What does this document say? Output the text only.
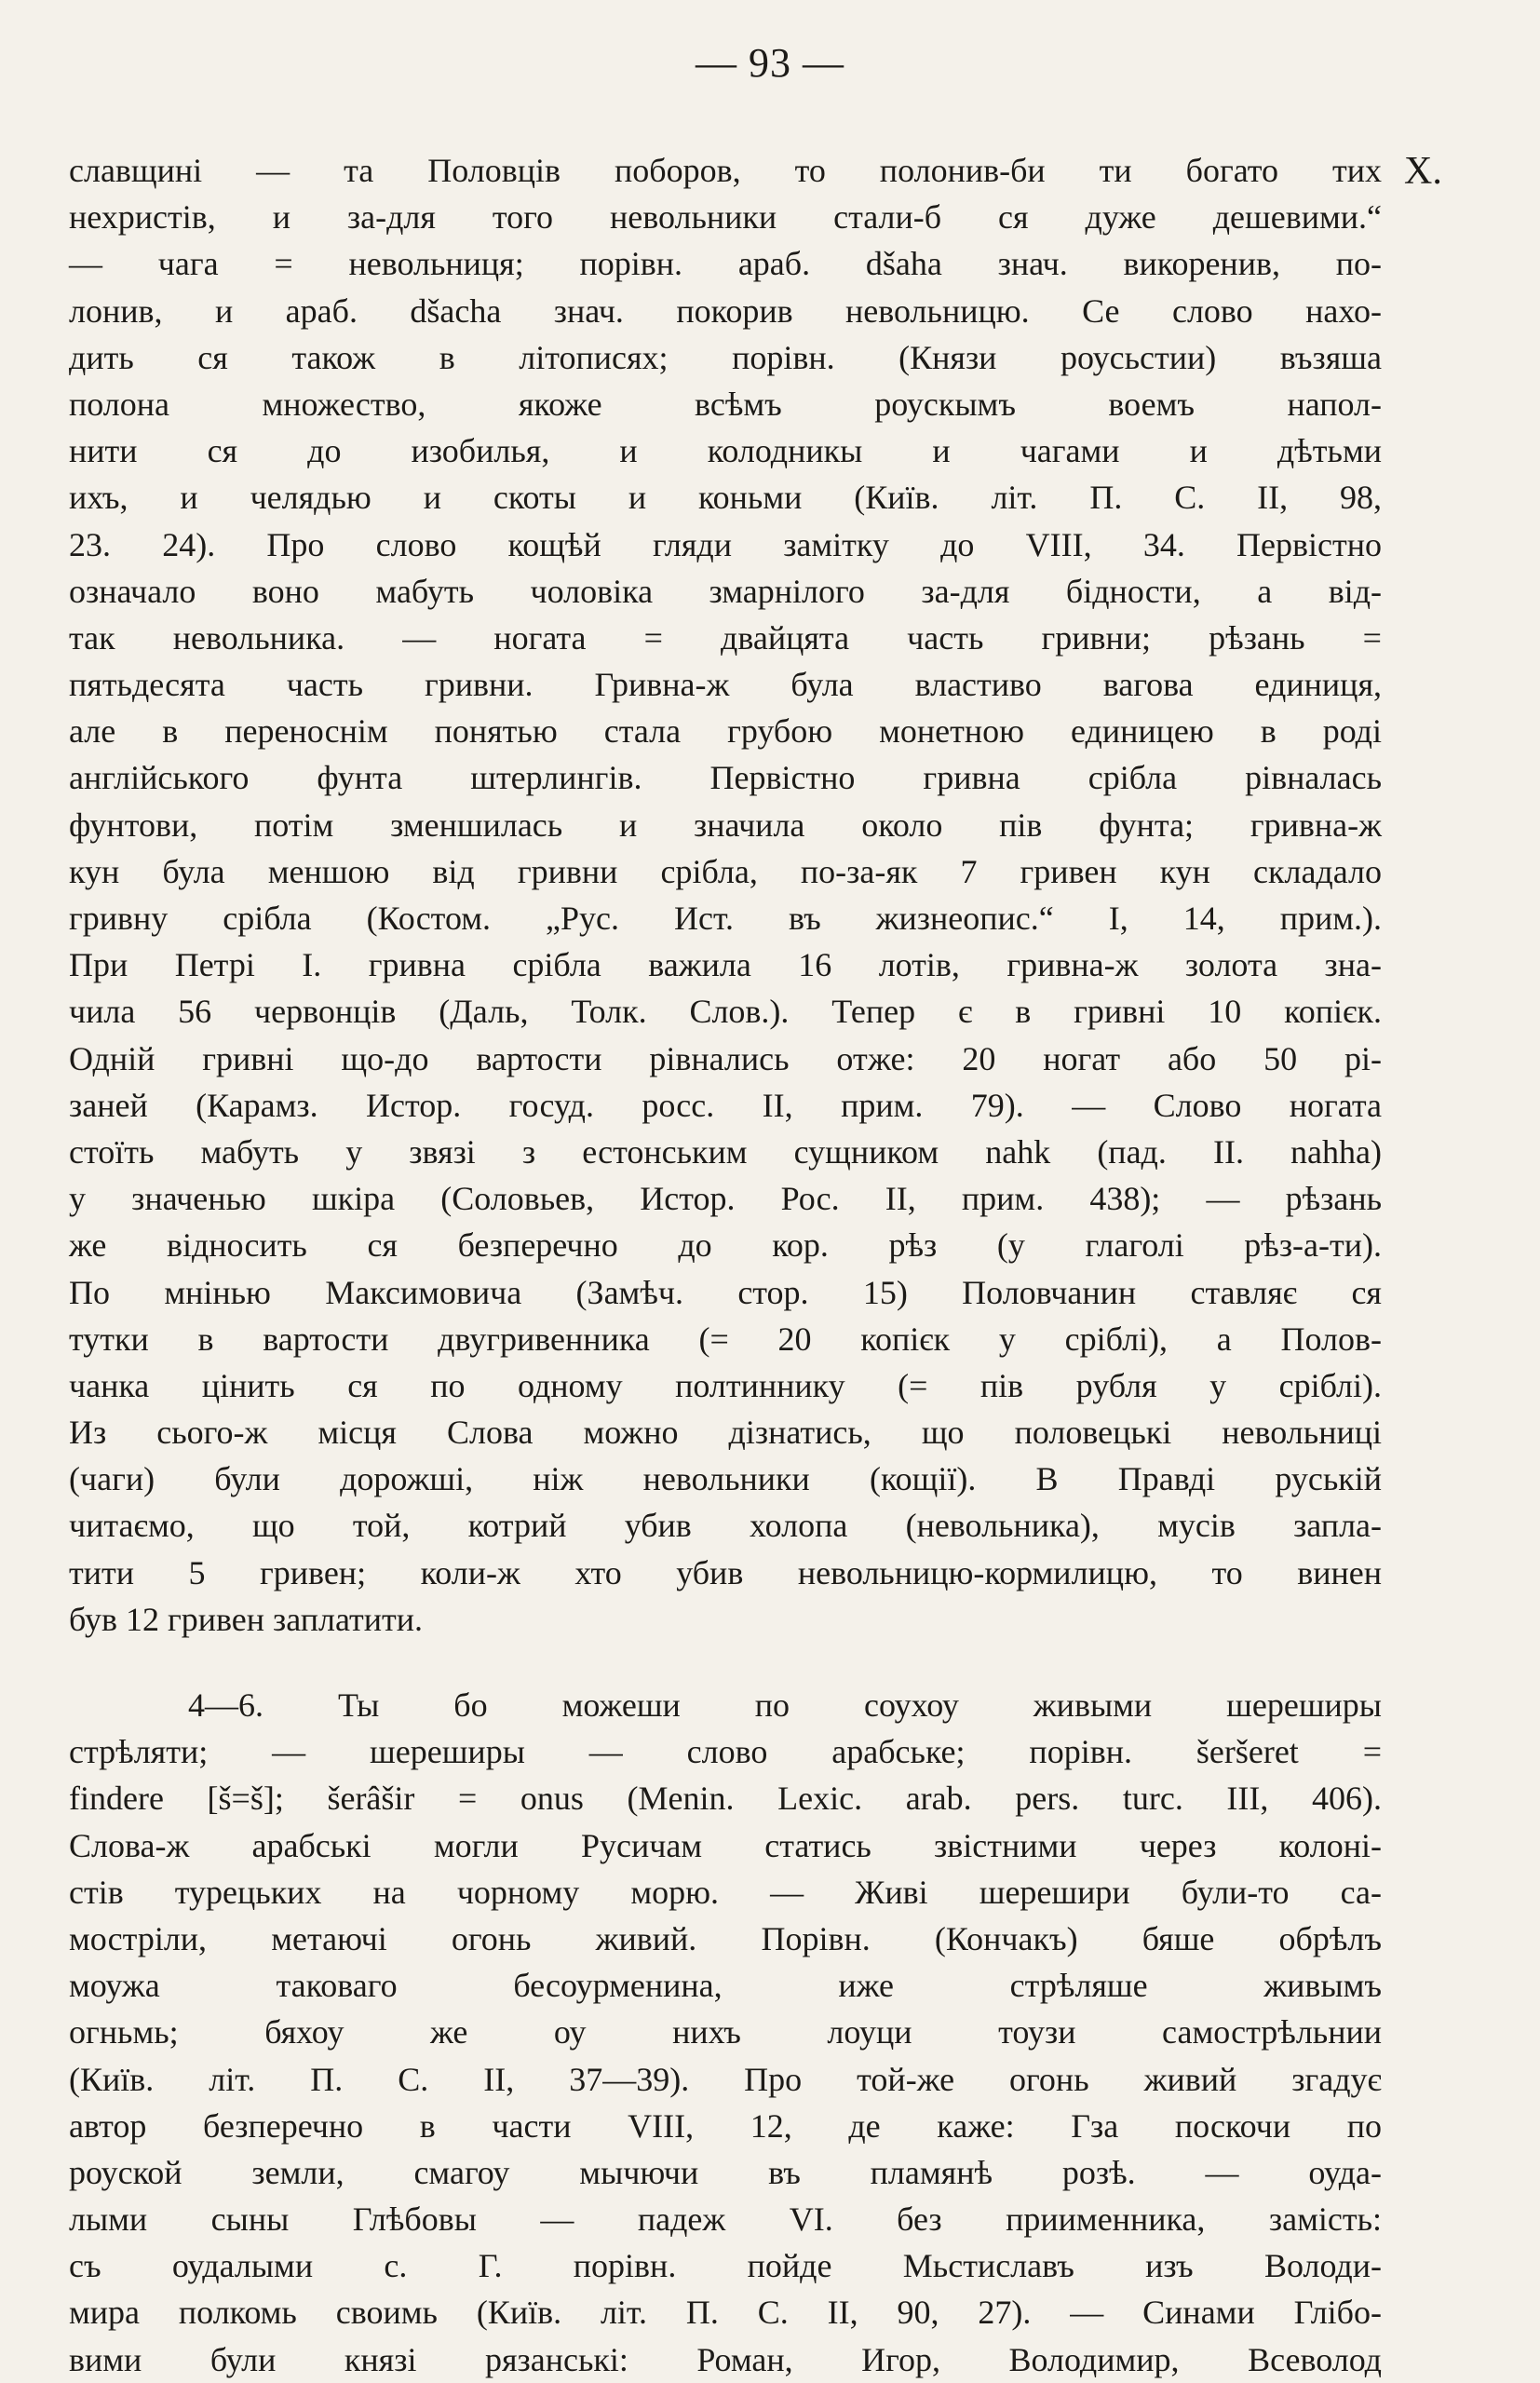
— 93 —
X.
славщині — та Половців поборов, то полонив-би ти богато тих
нехристів, и за-для того невольники стали-б ся дуже дешевими.“
— чага = невольниця; порівн. араб. dšaha знач. викоренив, по-
лонив, и араб. dšacha знач. покорив невольницю. Се слово нахо-
дить ся також в літописях; порівн. (Князи роусьстии) възяша
полона множество, якоже всѣмъ роускымъ воемъ напол-
нити ся до изобилья, и колодникы и чагами и дѣтьми
ихъ, и челядью и скоты и коньми (Київ. літ. П. С. II, 98,
23. 24). Про слово кощѣй гляди замітку до VIII, 34. Первістно
означало воно мабуть чоловіка змарнілого за-для бідности, а від-
так невольника. — ногата = двайцята часть гривни; рѣзань =
пятьдесята часть гривни. Гривна-ж була властиво вагова единиця,
але в переноснім понятью стала грубою монетною единицею в роді
англійського фунта штерлингів. Первістно гривна срібла рівналась
фунтови, потім зменшилась и значила около пів фунта; гривна-ж
кун була меншою від гривни срібла, по-за-як 7 гривен кун складало
гривну срібла (Костом. „Рус. Ист. въ жизнеопис.“ I, 14, прим.).
При Петрі I. гривна срібла важила 16 лотів, гривна-ж золота зна-
чила 56 червонців (Даль, Толк. Слов.). Тепер є в гривні 10 копієк.
Одній гривні що-до вартости рівнались отже: 20 ногат або 50 рі-
заней (Карамз. Истор. госуд. росс. II, прим. 79). — Слово ногата
стоїть мабуть у звязі з естонським сущником nahk (пад. II. nahha)
у значенью шкіра (Соловьев, Истор. Рос. II, прим. 438); — рѣзань
же відносить ся безперечно до кор. рѣз (у глаголі рѣз-а-ти).
По мнінью Максимовича (Замѣч. стор. 15) Половчанин ставляє ся
тутки в вартости двугривенника (= 20 копієк у сріблі), а Полов-
чанка цінить ся по одному полтиннику (= пів рубля у сріблі).
Из сього-ж місця Слова можно дізнатись, що половецькі невольниці
(чаги) були дорожші, ніж невольники (кощії). В Правді руській
читаємо, що той, котрий убив холопа (невольника), мусів запла-
тити 5 гривен; коли-ж хто убив невольницю-кормилицю, то винен
був 12 гривен заплатити.
4—6. Ты бо можеши по соухоу живыми шереширы
стрѣляти; — шереширы — слово арабське; порівн. šeršeret =
findere [š=š]; šerâšir = onus (Menin. Lexic. arab. pers. turc. III, 406).
Слова-ж арабські могли Русичам статись звістними через колоні-
стів турецьких на чорному морю. — Живі шерешири були-то са-
мостріли, метаючі огонь живий. Порівн. (Кончакъ) бяше обрѣлъ
моужа таковаго бесоурменина, иже стрѣляше живымъ
огньмь; бяхоу же оу нихъ лоуци тоузи самострѣльнии
(Київ. літ. П. С. II, 37—39). Про той-же огонь живий згадує
автор безперечно в части VIII, 12, де каже: Гза поскочи по
роуской земли, смагоу мычючи въ пламянѣ розѣ. — оуда-
лыми сыны Глѣбовы — падеж VI. без приименника, замість:
съ оудалыми с. Г. порівн. пойде Мьстиславъ изъ Володи-
мира полкомь своимь (Київ. літ. П. С. II, 90, 27). — Синами Глібо-
вими були князі рязанські: Роман, Игор, Володимир, Всеволод
